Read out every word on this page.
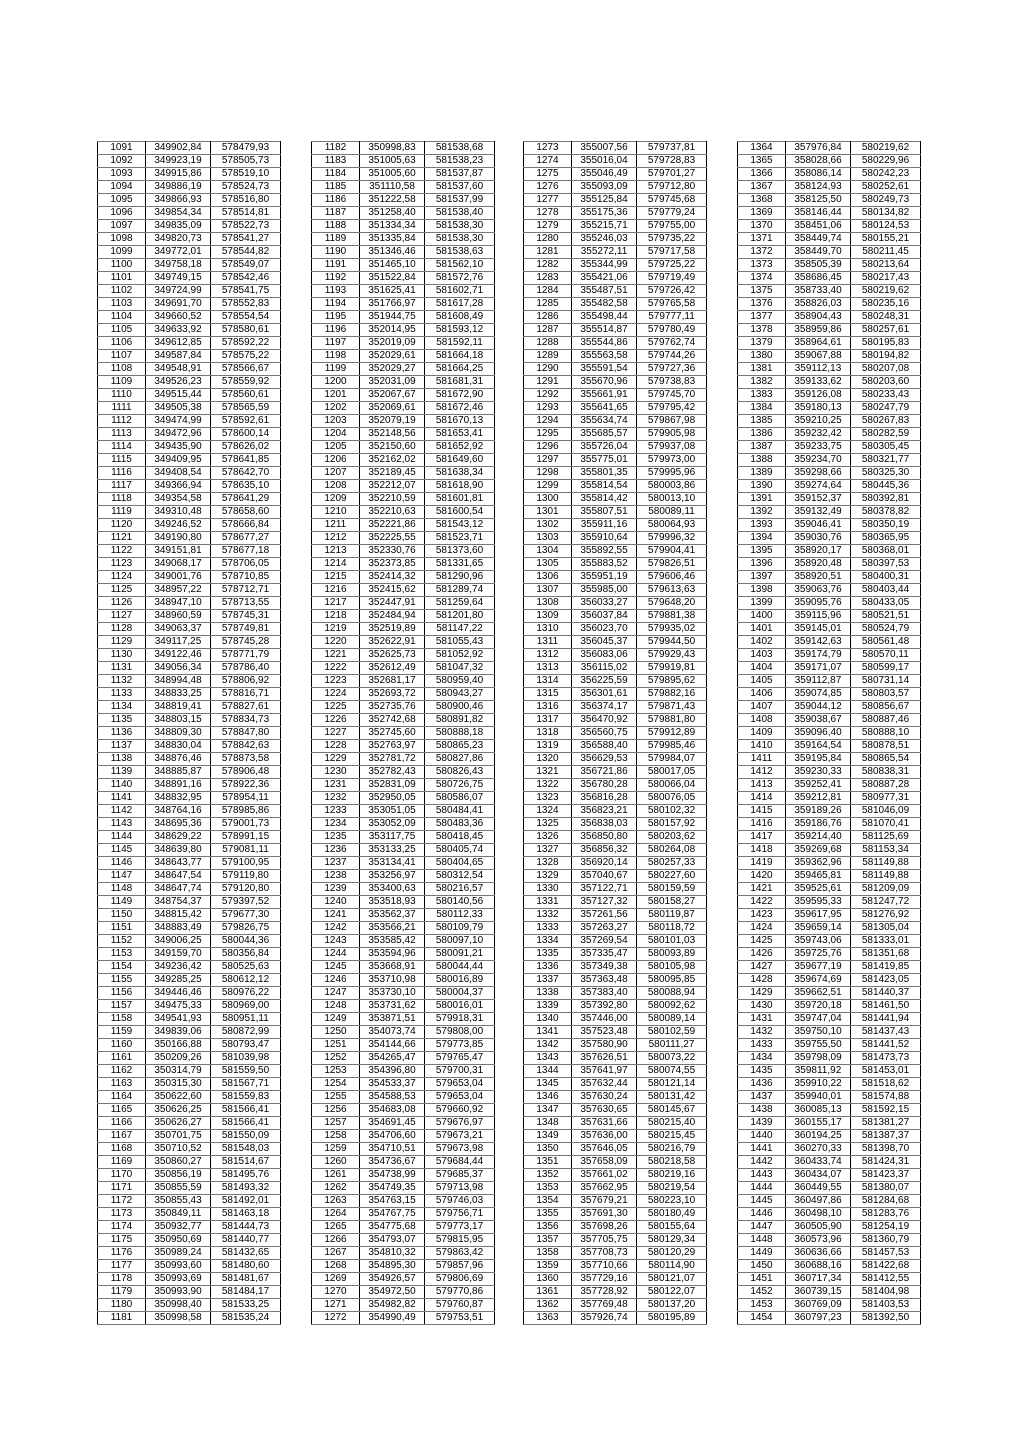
1091	349902,84	578479,93
1092	349923,19	578505,73
1093	349915,86	578519,10
1094	349886,19	578524,73
1095	349866,93	578516,80
1096	349854,34	578514,81
1097	349835,09	578522,73
1098	349820,73	578541,27
1099	349772,01	578544,82
1100	349758,18	578549,07
1101	349749,15	578542,46
1102	349724,99	578541,75
1103	349691,70	578552,83
1104	349660,52	578554,54
1105	349633,92	578580,61
1106	349612,85	578592,22
1107	349587,84	578575,22
1108	349548,91	578566,67
1109	349526,23	578559,92
1110	349515,44	578560,61
1111	349505,38	578565,59
1112	349474,99	578592,61
1113	349472,96	578600,14
1114	349435,90	578626,02
1115	349409,95	578641,85
1116	349408,54	578642,70
1117	349366,94	578635,10
1118	349354,58	578641,29
1119	349310,48	578658,60
1120	349246,52	578666,84
1121	349190,80	578677,27
1122	349151,81	578677,18
1123	349068,17	578706,05
1124	349001,76	578710,85
1125	348957,22	578712,71
1126	348947,10	578713,55
1127	348960,59	578745,31
1128	349063,37	578749,81
1129	349117,25	578745,28
1130	349122,46	578771,79
1131	349056,34	578786,40
1132	348994,48	578806,92
1133	348833,25	578816,71
1134	348819,41	578827,61
1135	348803,15	578834,73
1136	348809,30	578847,80
1137	348830,04	578842,63
1138	348876,46	578873,58
1139	348885,87	578906,48
1140	348891,16	578922,36
1141	348832,95	578954,11
1142	348764,16	578985,86
1143	348695,36	579001,73
1144	348629,22	578991,15
1145	348639,80	579081,11
1146	348643,77	579100,95
1147	348647,54	579119,80
1148	348647,74	579120,80
1149	348754,37	579397,52
1150	348815,42	579677,30
1151	348883,49	579826,75
1152	349006,25	580044,36
1153	349159,70	580356,84
1154	349236,42	580525,63
1155	349285,25	580612,12
1156	349446,46	580976,22
1157	349475,33	580969,00
1158	349541,93	580951,11
1159	349839,06	580872,99
1160	350166,88	580793,47
1161	350209,26	581039,98
1162	350314,79	581559,50
1163	350315,30	581567,71
1164	350622,60	581559,83
1165	350626,25	581566,41
1166	350626,27	581566,41
1167	350701,75	581550,09
1168	350710,52	581548,03
1169	350860,27	581514,67
1170	350856,19	581495,76
1171	350855,59	581493,32
1172	350855,43	581492,01
1173	350849,11	581463,18
1174	350932,77	581444,73
1175	350950,69	581440,77
1176	350989,24	581432,65
1177	350993,60	581480,60
1178	350993,69	581481,67
1179	350993,90	581484,17
1180	350998,40	581533,25
1181	350998,58	581535,24
1182	350998,83	581538,68
1183	351005,63	581538,23
1184	351005,60	581537,87
1185	351110,58	581537,60
1186	351222,58	581537,99
1187	351258,40	581538,40
1188	351334,34	581538,30
1189	351335,84	581538,30
1190	351346,46	581538,63
1191	351465,10	581562,10
1192	351522,84	581572,76
1193	351625,41	581602,71
1194	351766,97	581617,28
1195	351944,75	581608,49
1196	352014,95	581593,12
1197	352019,09	581592,11
1198	352029,61	581664,18
1199	352029,27	581664,25
1200	352031,09	581681,31
1201	352067,67	581672,90
1202	352069,61	581672,46
1203	352079,19	581670,13
1204	352148,56	581653,41
1205	352150,60	581652,92
1206	352162,02	581649,60
1207	352189,45	581638,34
1208	352212,07	581618,90
1209	352210,59	581601,81
1210	352210,63	581600,54
1211	352221,86	581543,12
1212	352225,55	581523,71
1213	352330,76	581373,60
1214	352373,85	581331,65
1215	352414,32	581290,96
1216	352415,62	581289,74
1217	352447,91	581259,64
1218	352484,94	581201,80
1219	352519,89	581147,22
1220	352622,91	581055,43
1221	352625,73	581052,92
1222	352612,49	581047,32
1223	352681,17	580959,40
1224	352693,72	580943,27
1225	352735,76	580900,46
1226	352742,68	580891,82
1227	352745,60	580888,18
1228	352763,97	580865,23
1229	352781,72	580827,86
1230	352782,43	580826,43
1231	352831,09	580726,75
1232	352950,05	580586,07
1233	353051,05	580484,41
1234	353052,09	580483,36
1235	353117,75	580418,45
1236	353133,25	580405,74
1237	353134,41	580404,65
1238	353256,97	580312,54
1239	353400,63	580216,57
1240	353518,93	580140,56
1241	353562,37	580112,33
1242	353566,21	580109,79
1243	353585,42	580097,10
1244	353594,96	580091,21
1245	353668,91	580044,44
1246	353710,98	580016,89
1247	353730,10	580004,37
1248	353731,62	580016,01
1249	353871,51	579918,31
1250	354073,74	579808,00
1251	354144,66	579773,85
1252	354265,47	579765,47
1253	354396,80	579700,31
1254	354533,37	579653,04
1255	354588,53	579653,04
1256	354683,08	579660,92
1257	354691,45	579676,97
1258	354706,60	579673,21
1259	354710,51	579673,98
1260	354736,67	579684,44
1261	354738,99	579685,37
1262	354749,35	579713,98
1263	354763,15	579746,03
1264	354767,75	579756,71
1265	354775,68	579773,17
1266	354793,07	579815,95
1267	354810,32	579863,42
1268	354895,30	579857,96
1269	354926,57	579806,69
1270	354972,50	579770,86
1271	354982,82	579760,87
1272	354990,49	579753,51
1273	355007,56	579737,81
1274	355016,04	579728,83
1275	355046,49	579701,27
1276	355093,09	579712,80
1277	355125,84	579745,68
1278	355175,36	579779,24
1279	355215,71	579755,00
1280	355246,03	579735,22
1281	355272,11	579717,58
1282	355344,99	579725,22
1283	355421,06	579719,49
1284	355487,51	579726,42
1285	355482,58	579765,58
1286	355498,44	579777,11
1287	355514,87	579780,49
1288	355544,86	579762,74
1289	355563,58	579744,26
1290	355591,54	579727,36
1291	355670,96	579738,83
1292	355661,91	579745,70
1293	355641,65	579795,42
1294	355634,74	579867,98
1295	355685,57	579905,98
1296	355726,04	579937,08
1297	355775,01	579973,00
1298	355801,35	579995,96
1299	355814,54	580003,86
1300	355814,42	580013,10
1301	355807,51	580089,11
1302	355911,16	580064,93
1303	355910,64	579996,32
1304	355892,55	579904,41
1305	355883,52	579826,51
1306	355951,19	579606,46
1307	355985,00	579613,63
1308	356033,27	579648,20
1309	356037,84	579881,38
1310	356023,70	579935,02
1311	356045,37	579944,50
1312	356083,06	579929,43
1313	356115,02	579919,81
1314	356225,59	579895,62
1315	356301,61	579882,16
1316	356374,17	579871,43
1317	356470,92	579881,80
1318	356560,75	579912,89
1319	356588,40	579985,46
1320	356629,53	579984,07
1321	356721,86	580017,05
1322	356780,28	580066,04
1323	356816,28	580076,05
1324	356823,21	580102,32
1325	356838,03	580157,92
1326	356850,80	580203,62
1327	356856,32	580264,08
1328	356920,14	580257,33
1329	357040,67	580227,60
1330	357122,71	580159,59
1331	357127,32	580158,27
1332	357261,56	580119,87
1333	357263,27	580118,72
1334	357269,54	580101,03
1335	357335,47	580093,89
1336	357349,38	580105,98
1337	357363,48	580095,85
1338	357383,40	580088,94
1339	357392,80	580092,62
1340	357446,00	580089,14
1341	357523,48	580102,59
1342	357580,90	580111,27
1343	357626,51	580073,22
1344	357641,97	580074,55
1345	357632,44	580121,14
1346	357630,24	580131,42
1347	357630,65	580145,67
1348	357631,66	580215,40
1349	357636,00	580215,45
1350	357646,05	580216,79
1351	357658,09	580218,58
1352	357661,02	580219,16
1353	357662,95	580219,54
1354	357679,21	580223,10
1355	357691,30	580180,49
1356	357698,26	580155,64
1357	357705,75	580129,34
1358	357708,73	580120,29
1359	357710,66	580114,90
1360	357729,16	580121,07
1361	357728,92	580122,07
1362	357769,48	580137,20
1363	357926,74	580195,89
1364	357976,84	580219,62
1365	358028,66	580229,96
1366	358086,14	580242,23
1367	358124,93	580252,61
1368	358125,50	580249,73
1369	358146,44	580134,82
1370	358451,06	580124,53
1371	358449,74	580155,21
1372	358449,70	580211,45
1373	358505,39	580213,64
1374	358686,45	580217,43
1375	358733,40	580219,62
1376	358826,03	580235,16
1377	358904,43	580248,31
1378	358959,86	580257,61
1379	358964,61	580195,83
1380	359067,88	580194,82
1381	359112,13	580207,08
1382	359133,62	580203,60
1383	359126,08	580233,43
1384	359180,13	580247,79
1385	359210,25	580267,83
1386	359232,42	580282,59
1387	359233,75	580305,45
1388	359234,70	580321,77
1389	359298,66	580325,30
1390	359274,64	580445,36
1391	359152,37	580392,81
1392	359132,49	580378,82
1393	359046,41	580350,19
1394	359030,76	580365,95
1395	358920,17	580368,01
1396	358920,48	580397,53
1397	358920,51	580400,31
1398	359063,76	580403,44
1399	359095,76	580433,05
1400	359115,96	580521,51
1401	359145,01	580524,79
1402	359142,63	580561,48
1403	359174,79	580570,11
1404	359171,07	580599,17
1405	359112,87	580731,14
1406	359074,85	580803,57
1407	359044,12	580856,67
1408	359038,67	580887,46
1409	359096,40	580888,10
1410	359164,54	580878,51
1411	359195,84	580865,54
1412	359230,33	580838,31
1413	359252,41	580887,28
1414	359212,81	580977,31
1415	359189,26	581046,09
1416	359186,76	581070,41
1417	359214,40	581125,69
1418	359269,68	581153,34
1419	359362,96	581149,88
1420	359465,81	581149,88
1421	359525,61	581209,09
1422	359595,33	581247,72
1423	359617,95	581276,92
1424	359659,14	581305,04
1425	359743,06	581333,01
1426	359725,76	581351,68
1427	359677,19	581419,85
1428	359674,69	581423,05
1429	359662,51	581440,37
1430	359720,18	581461,50
1431	359747,04	581441,94
1432	359750,10	581437,43
1433	359755,50	581441,52
1434	359798,09	581473,73
1435	359811,92	581453,01
1436	359910,22	581518,62
1437	359940,01	581574,88
1438	360085,13	581592,15
1439	360155,17	581381,27
1440	360194,25	581387,37
1441	360270,33	581398,70
1442	360433,74	581424,31
1443	360434,07	581423,37
1444	360449,55	581380,07
1445	360497,86	581284,68
1446	360498,10	581283,76
1447	360505,90	581254,19
1448	360573,96	581360,79
1449	360636,66	581457,53
1450	360688,16	581422,68
1451	360717,34	581412,55
1452	360739,15	581404,98
1453	360769,09	581403,53
1454	360797,23	581392,50
